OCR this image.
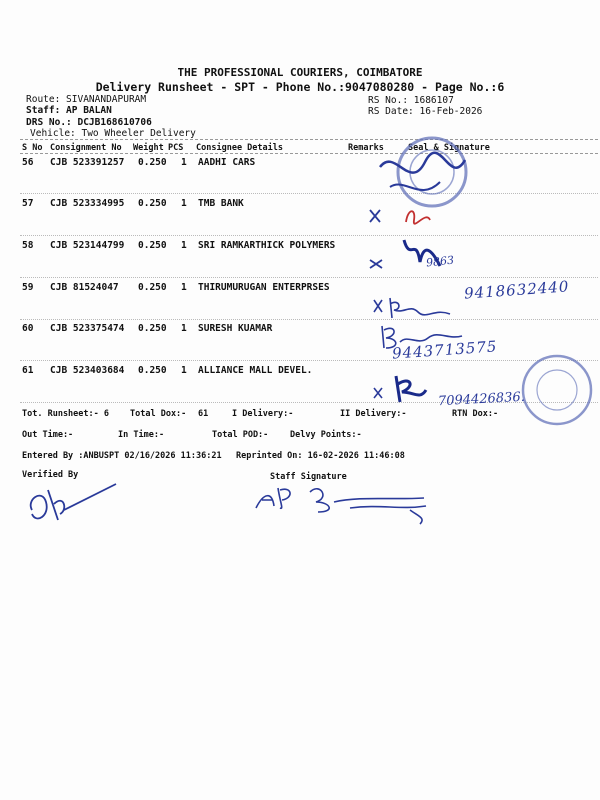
THE PROFESSIONAL COURIERS, COIMBATORE
Delivery Runsheet - SPT - Phone No.:9047080280 - Page No.:6
Route: SIVANANDAPURAM
Staff: AP BALAN
DRS No.: DCJB168610706
Vehicle: Two Wheeler Delivery
RS No.: 1686107
RS Date: 16-Feb-2026
S No Consignment No Weight PCS Consignee Details	Remarks	Seal & Signature
56 CJB 523391257 0.250 1 AADHI CARS
57 CJB 523334995 0.250 1 TMB BANK
58 CJB 523144799 0.250 1 SRI RAMKARTHICK POLYMERS
59 CJB 81524047 0.250 1 THIRUMURUGAN ENTERPRSES
60 CJB 523375474 0.250 1 SURESH KUAMAR
61 CJB 523403684 0.250 1 ALLIANCE MALL DEVEL.
Tot. Runsheet:- 6 Total Dox:- 61	I Delivery:-	II Delivery:-	RTN Dox:-
Out Time:-	In Time:-	Total POD:-	Delvy Points:-
Entered By :ANBUSPT 02/16/2026 11:36:21 Reprinted On: 16-02-2026 11:46:08
Verified By	Staff Signature
9863
9418632440
9443713575
7094426836.
